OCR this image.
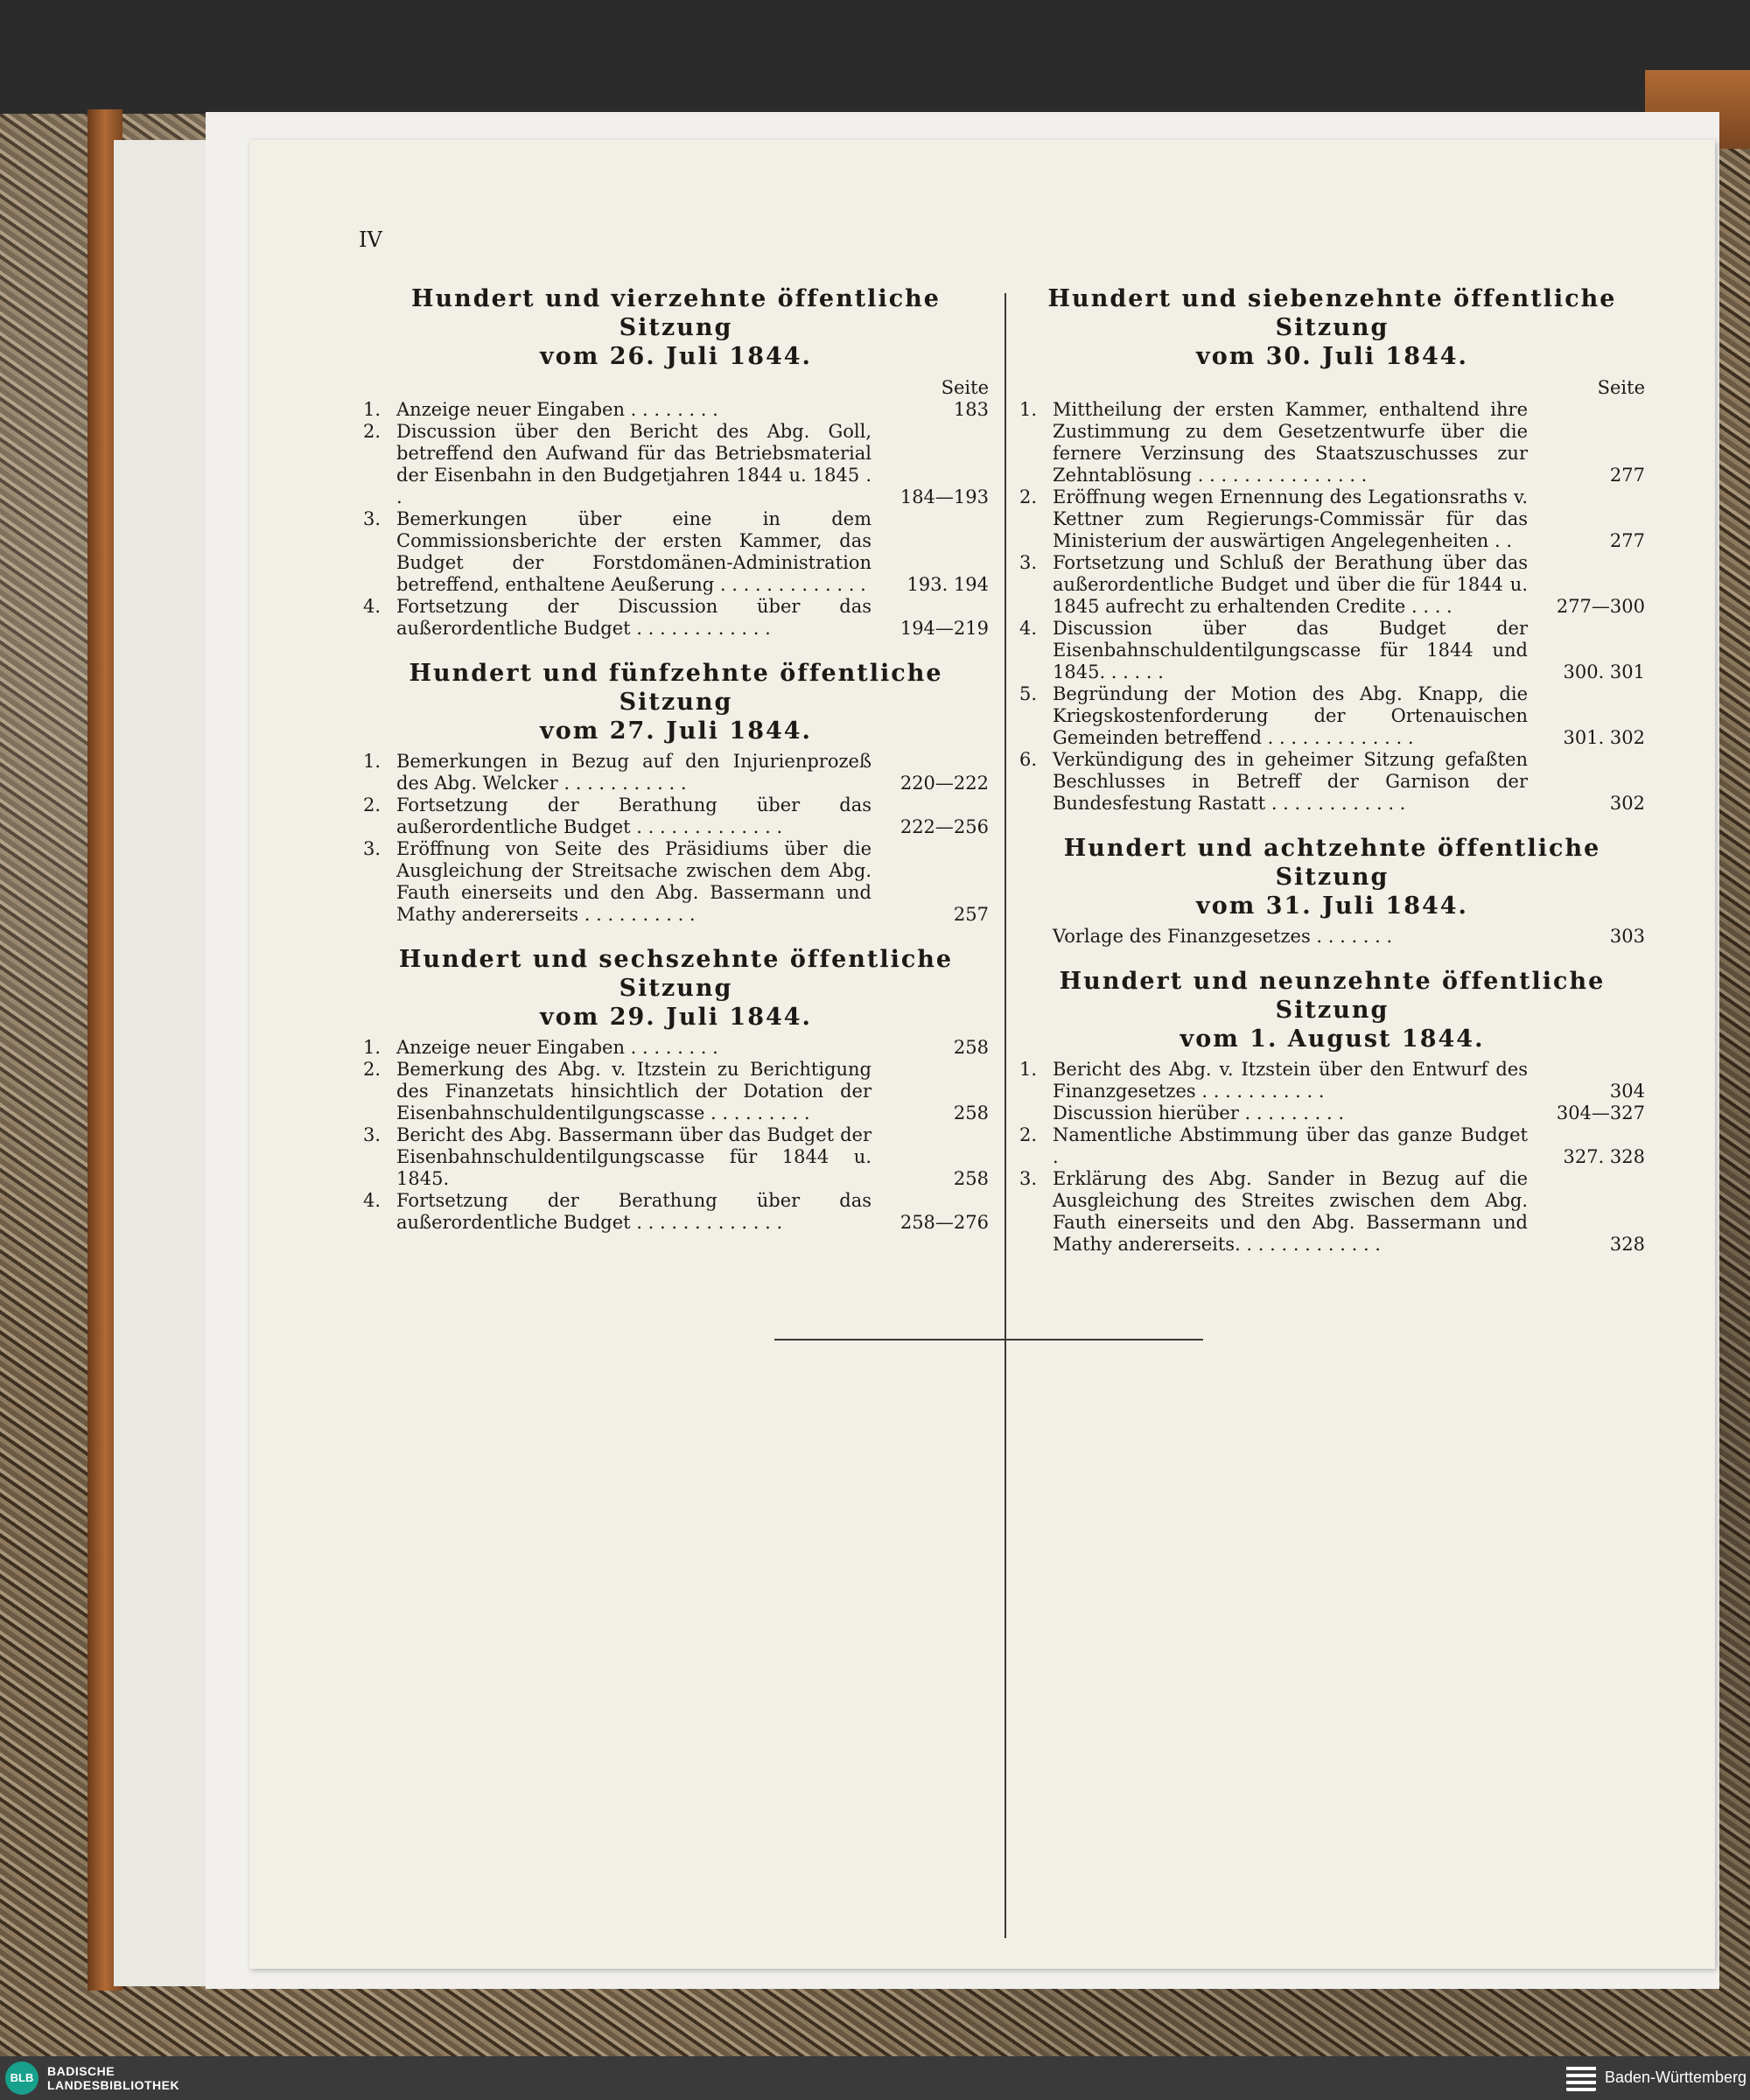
IV
Hundert und vierzehnte öffentliche Sitzung
vom 26. Juli 1844.
Seite
1. Anzeige neuer Eingaben . . . . . . . .	183
2. Discussion über den Bericht des Abg. Goll, betreffend den Aufwand für das Betriebsmaterial der Eisenbahn in den Budgetjahren 1844 u. 1845 . .	184—193
3. Bemerkungen über eine in dem Commissionsberichte der ersten Kammer, das Budget der Forstdomänen-Administration betreffend, enthaltene Aeußerung . . . . . . . . . . . . .	193. 194
4. Fortsetzung der Discussion über das außerordentliche Budget . . . . . . . . . . . .	194—219
Hundert und fünfzehnte öffentliche Sitzung
vom 27. Juli 1844.
1. Bemerkungen in Bezug auf den Injurienprozeß des Abg. Welcker . . . . . . . . . . .	220—222
2. Fortsetzung der Berathung über das außerordentliche Budget . . . . . . . . . . . . .	222—256
3. Eröffnung von Seite des Präsidiums über die Ausgleichung der Streitsache zwischen dem Abg. Fauth einerseits und den Abg. Bassermann und Mathy andererseits . . . . . . . . . .	257
Hundert und sechszehnte öffentliche Sitzung
vom 29. Juli 1844.
1. Anzeige neuer Eingaben . . . . . . . .	258
2. Bemerkung des Abg. v. Itzstein zu Berichtigung des Finanzetats hinsichtlich der Dotation der Eisenbahnschuldentilgungscasse . . . . . . . . .	258
3. Bericht des Abg. Bassermann über das Budget der Eisenbahnschuldentilgungscasse für 1844 u. 1845.	258
4. Fortsetzung der Berathung über das außerordentliche Budget . . . . . . . . . . . . .	258—276
Hundert und siebenzehnte öffentliche Sitzung
vom 30. Juli 1844.
Seite
1. Mittheilung der ersten Kammer, enthaltend ihre Zustimmung zu dem Gesetzentwurfe über die fernere Verzinsung des Staatszuschusses zur Zehntablösung . . . . . . . . . . . . . . .	277
2. Eröffnung wegen Ernennung des Legationsraths v. Kettner zum Regierungs-Commissär für das Ministerium der auswärtigen Angelegenheiten . .	277
3. Fortsetzung und Schluß der Berathung über das außerordentliche Budget und über die für 1844 u. 1845 aufrecht zu erhaltenden Credite . . . .	277—300
4. Discussion über das Budget der Eisenbahnschuldentilgungscasse für 1844 und 1845. . . . . .	300. 301
5. Begründung der Motion des Abg. Knapp, die Kriegskostenforderung der Ortenauischen Gemeinden betreffend . . . . . . . . . . . . .	301. 302
6. Verkündigung des in geheimer Sitzung gefaßten Beschlusses in Betreff der Garnison der Bundesfestung Rastatt . . . . . . . . . . . .	302
Hundert und achtzehnte öffentliche Sitzung
vom 31. Juli 1844.
Vorlage des Finanzgesetzes . . . . . . .	303
Hundert und neunzehnte öffentliche Sitzung
vom 1. August 1844.
1. Bericht des Abg. v. Itzstein über den Entwurf des Finanzgesetzes . . . . . . . . . . .	304
Discussion hierüber . . . . . . . . .	304—327
2. Namentliche Abstimmung über das ganze Budget .	327. 328
3. Erklärung des Abg. Sander in Bezug auf die Ausgleichung des Streites zwischen dem Abg. Fauth einerseits und den Abg. Bassermann und Mathy andererseits. . . . . . . . . . . . .	328
BLB	BADISCHE
LANDESBIBLIOTHEK	Baden-Württemberg
